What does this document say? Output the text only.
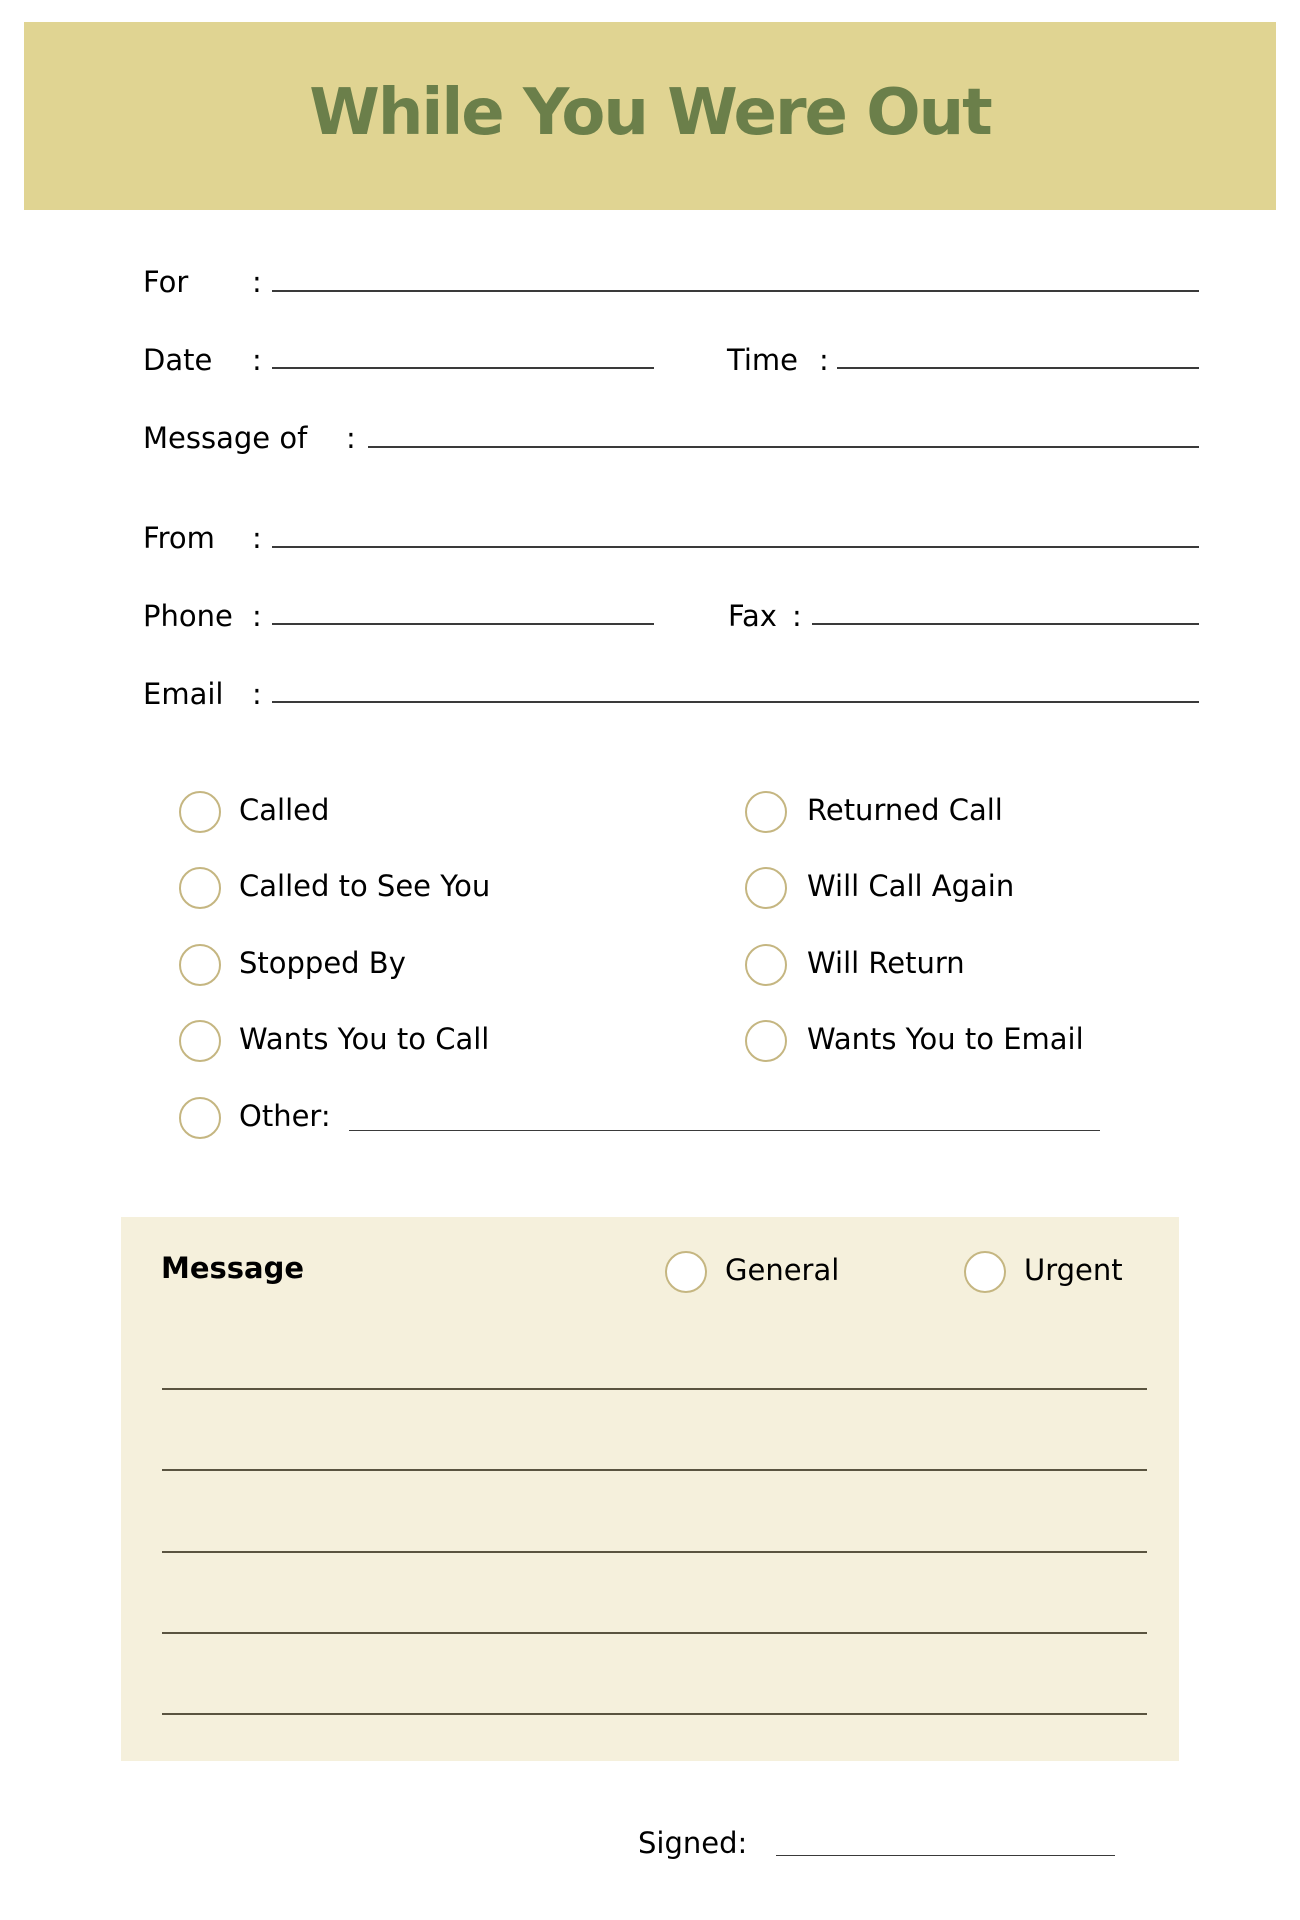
While You Were Out
For :
Date :	Time :
Message of :
From :
Phone :	Fax :
Email :
Called
Called to See You
Stopped By
Wants You to Call
Returned Call
Will Call Again
Will Return
Wants You to Email
Other:
Message	General	Urgent
Signed:
